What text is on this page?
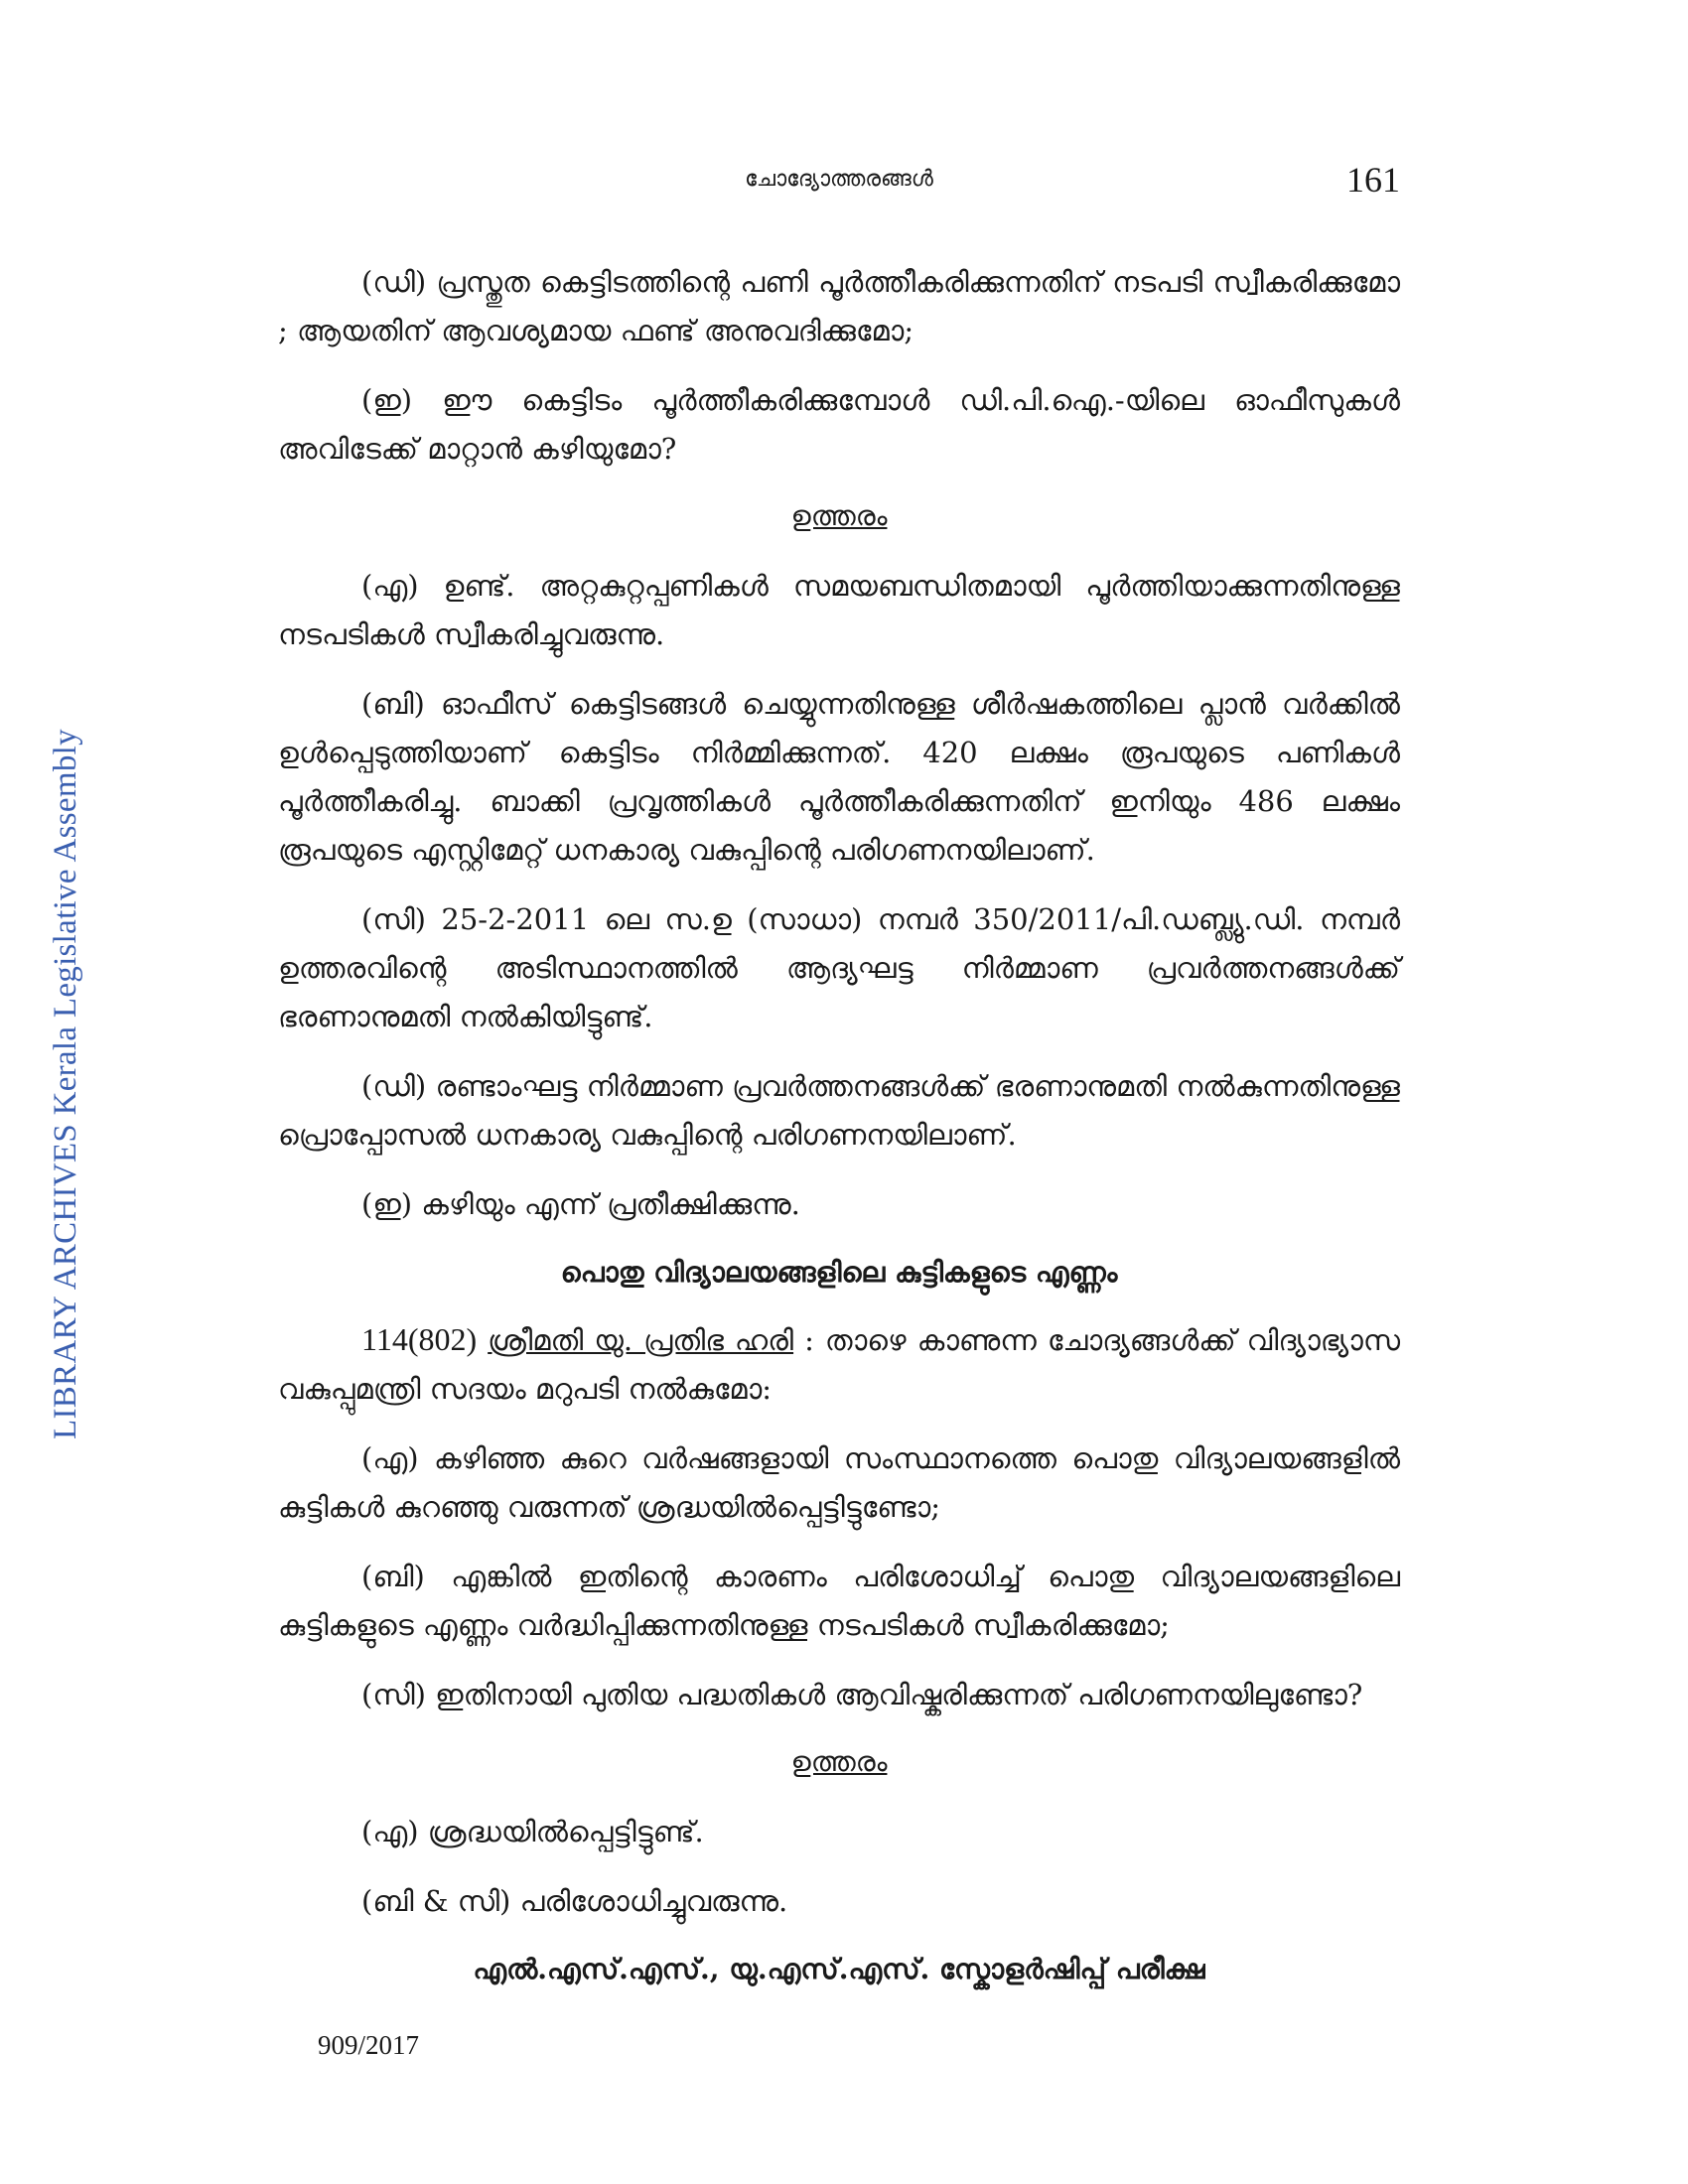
LIBRARY ARCHIVES Kerala Legislative Assembly
ചോദ്യോത്തരങ്ങൾ	161

(ഡി) പ്രസ്തുത കെട്ടിടത്തിന്റെ പണി പൂർത്തീകരിക്കുന്നതിന് നടപടി സ്വീകരിക്കുമോ ; ആയതിന് ആവശ്യമായ ഫണ്ട് അനുവദിക്കുമോ;

(ഇ) ഈ കെട്ടിടം പൂർത്തീകരിക്കുമ്പോൾ ഡി.പി.ഐ.-യിലെ ഓഫീസുകൾ അവിടേക്ക് മാറ്റാൻ കഴിയുമോ?

ഉത്തരം

(എ) ഉണ്ട്. അറ്റകുറ്റപ്പണികൾ സമയബന്ധിതമായി പൂർത്തിയാക്കുന്നതിനുള്ള നടപടികൾ സ്വീകരിച്ചുവരുന്നു.

(ബി) ഓഫീസ് കെട്ടിടങ്ങൾ ചെയ്യുന്നതിനുള്ള ശീർഷകത്തിലെ പ്ലാൻ വർക്കിൽ ഉൾപ്പെടുത്തിയാണ് കെട്ടിടം നിർമ്മിക്കുന്നത്. 420 ലക്ഷം രൂപയുടെ പണികൾ പൂർത്തീകരിച്ചു. ബാക്കി പ്രവൃത്തികൾ പൂർത്തീകരിക്കുന്നതിന് ഇനിയും 486 ലക്ഷം രൂപയുടെ എസ്റ്റിമേറ്റ് ധനകാര്യ വകുപ്പിന്റെ പരിഗണനയിലാണ്.

(സി) 25-2-2011 ലെ സ.ഉ (സാധാ) നമ്പർ 350/2011/പി.ഡബ്ല്യു.ഡി. നമ്പർ ഉത്തരവിന്റെ അടിസ്ഥാനത്തിൽ ആദ്യഘട്ട നിർമ്മാണ പ്രവർത്തനങ്ങൾക്ക് ഭരണാനുമതി നൽകിയിട്ടുണ്ട്.

(ഡി) രണ്ടാംഘട്ട നിർമ്മാണ പ്രവർത്തനങ്ങൾക്ക് ഭരണാനുമതി നൽകുന്നതിനുള്ള പ്രൊപ്പോസൽ ധനകാര്യ വകുപ്പിന്റെ പരിഗണനയിലാണ്.

(ഇ) കഴിയും എന്ന് പ്രതീക്ഷിക്കുന്നു.

പൊതു വിദ്യാലയങ്ങളിലെ കുട്ടികളുടെ എണ്ണം

114(802) ശ്രീമതി യു. പ്രതിഭ ഹരി : താഴെ കാണുന്ന ചോദ്യങ്ങൾക്ക് വിദ്യാഭ്യാസ വകുപ്പുമന്ത്രി സദയം മറുപടി നൽകുമോ:

(എ) കഴിഞ്ഞ കുറെ വർഷങ്ങളായി സംസ്ഥാനത്തെ പൊതു വിദ്യാലയങ്ങളിൽ കുട്ടികൾ കുറഞ്ഞു വരുന്നത് ശ്രദ്ധയിൽപ്പെട്ടിട്ടുണ്ടോ;

(ബി) എങ്കിൽ ഇതിന്റെ കാരണം പരിശോധിച്ച് പൊതു വിദ്യാലയങ്ങളിലെ കുട്ടികളുടെ എണ്ണം വർദ്ധിപ്പിക്കുന്നതിനുള്ള നടപടികൾ സ്വീകരിക്കുമോ;

(സി) ഇതിനായി പുതിയ പദ്ധതികൾ ആവിഷ്കരിക്കുന്നത് പരിഗണനയിലുണ്ടോ?

ഉത്തരം

(എ) ശ്രദ്ധയിൽപ്പെട്ടിട്ടുണ്ട്.

(ബി & സി) പരിശോധിച്ചുവരുന്നു.

എൽ.എസ്.എസ്., യു.എസ്.എസ്. സ്കോളർഷിപ്പ് പരീക്ഷ
909/2017
